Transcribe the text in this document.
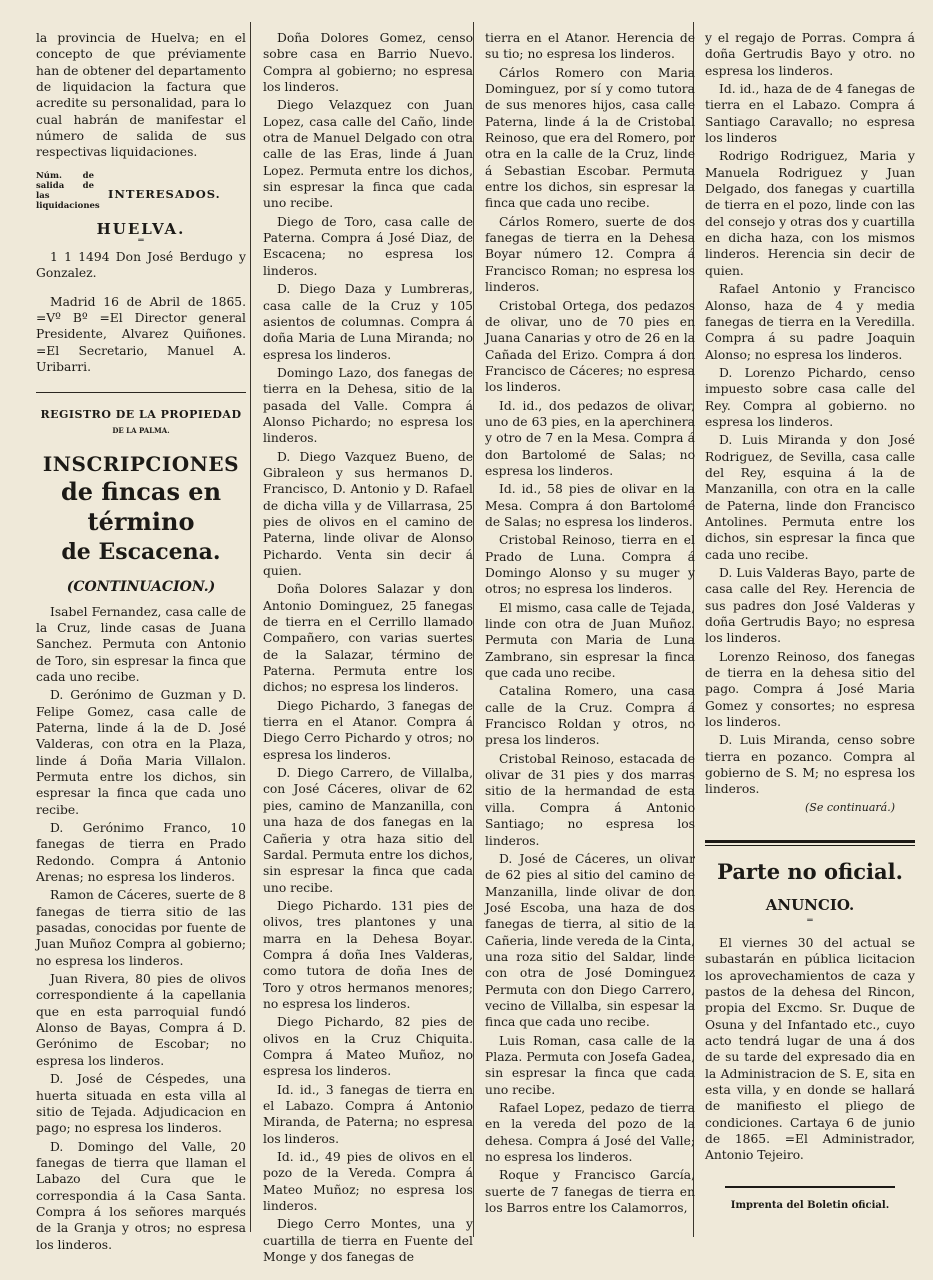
la provincia de Huelva; en el concepto de que préviamente han de obtener del departamento de liquidacion la factura que acredite su personalidad, para lo cual habrán de manifestar el número de salida de sus respectivas liquidaciones.

Núm. de salida de las liquidaciones
INTERESADOS.
HUELVA.
═

1 1 1494 Don José Berdugo y Gonzalez.

Madrid 16 de Abril de 1865. =Vº Bº =El Director general Presidente, Alvarez Quiñones. =El Secretario, Manuel A. Uribarri.

REGISTRO DE LA PROPIEDAD
DE LA PALMA.
INSCRIPCIONES
de fincas en término
de Escacena.
(CONTINUACION.)

Isabel Fernandez, casa calle de la Cruz, linde casas de Juana Sanchez. Permuta con Antonio de Toro, sin espresar la finca que cada uno recibe.

D. Gerónimo de Guzman y D. Felipe Gomez, casa calle de Paterna, linde á la de D. José Valderas, con otra en la Plaza, linde á Doña Maria Villalon. Permuta entre los dichos, sin espresar la finca que cada uno recibe.

D. Gerónimo Franco, 10 fanegas de tierra en Prado Redondo. Compra á Antonio Arenas; no espresa los linderos.

Ramon de Cáceres, suerte de 8 fanegas de tierra sitio de las pasadas, conocidas por fuente de Juan Muñoz Compra al gobierno; no espresa los linderos.

Juan Rivera, 80 pies de olivos correspondiente á la capellania que en esta parroquial fundó Alonso de Bayas, Compra á D. Gerónimo de Escobar; no espresa los linderos.

D. José de Céspedes, una huerta situada en esta villa al sitio de Tejada. Adjudicacion en pago; no espresa los linderos.

D. Domingo del Valle, 20 fanegas de tierra que llaman el Labazo del Cura que le correspondia á la Casa Santa. Compra á los señores marqués de la Granja y otros; no espresa los linderos.

Doña Dolores Gomez, censo sobre casa en Barrio Nuevo. Compra al gobierno; no espresa los linderos.

Diego Velazquez con Juan Lopez, casa calle del Caño, linde otra de Manuel Delgado con otra calle de las Eras, linde á Juan Lopez. Permuta entre los dichos, sin espresar la finca que cada uno recibe.

Diego de Toro, casa calle de Paterna. Compra á José Diaz, de Escacena; no espresa los linderos.

D. Diego Daza y Lumbreras, casa calle de la Cruz y 105 asientos de columnas. Compra á doña Maria de Luna Miranda; no espresa los linderos.

Domingo Lazo, dos fanegas de tierra en la Dehesa, sitio de la pasada del Valle. Compra á Alonso Pichardo; no espresa los linderos.

D. Diego Vazquez Bueno, de Gibraleon y sus hermanos D. Francisco, D. Antonio y D. Rafael de dicha villa y de Villarrasa, 25 pies de olivos en el camino de Paterna, linde olivar de Alonso Pichardo. Venta sin decir á quien.

Doña Dolores Salazar y don Antonio Dominguez, 25 fanegas de tierra en el Cerrillo llamado Compañero, con varias suertes de la Salazar, término de Paterna. Permuta entre los dichos; no espresa los linderos.

Diego Pichardo, 3 fanegas de tierra en el Atanor. Compra á Diego Cerro Pichardo y otros; no espresa los linderos.

D. Diego Carrero, de Villalba, con José Cáceres, olivar de 62 pies, camino de Manzanilla, con una haza de dos fanegas en la Cañeria y otra haza sitio del Sardal. Permuta entre los dichos, sin espresar la finca que cada uno recibe.

Diego Pichardo. 131 pies de olivos, tres plantones y una marra en la Dehesa Boyar. Compra á doña Ines Valderas, como tutora de doña Ines de Toro y otros hermanos menores; no espresa los linderos.

Diego Pichardo, 82 pies de olivos en la Cruz Chiquita. Compra á Mateo Muñoz, no espresa los linderos.

Id. id., 3 fanegas de tierra en el Labazo. Compra á Antonio Miranda, de Paterna; no espresa los linderos.

Id. id., 49 pies de olivos en el pozo de la Vereda. Compra á Mateo Muñoz; no espresa los linderos.

Diego Cerro Montes, una y cuartilla de tierra en Fuente del Monge y dos fanegas de

tierra en el Atanor. Herencia de su tio; no espresa los linderos.

Cárlos Romero con Maria Dominguez, por sí y como tutora de sus menores hijos, casa calle Paterna, linde á la de Cristobal Reinoso, que era del Romero, por otra en la calle de la Cruz, linde á Sebastian Escobar. Permuta entre los dichos, sin espresar la finca que cada uno recibe.

Cárlos Romero, suerte de dos fanegas de tierra en la Dehesa Boyar número 12. Compra á Francisco Roman; no espresa los linderos.

Cristobal Ortega, dos pedazos de olivar, uno de 70 pies en Juana Canarias y otro de 26 en la Cañada del Erizo. Compra á don Francisco de Cáceres; no espresa los linderos.

Id. id., dos pedazos de olivar, uno de 63 pies, en la aperchinera y otro de 7 en la Mesa. Compra á don Bartolomé de Salas; no espresa los linderos.

Id. id., 58 pies de olivar en la Mesa. Compra á don Bartolomé de Salas; no espresa los linderos.

Cristobal Reinoso, tierra en el Prado de Luna. Compra á Domingo Alonso y su muger y otros; no espresa los linderos.

El mismo, casa calle de Tejada, linde con otra de Juan Muñoz. Permuta con Maria de Luna Zambrano, sin espresar la finca que cada uno recibe.

Catalina Romero, una casa calle de la Cruz. Compra á Francisco Roldan y otros, no presa los linderos.

Cristobal Reinoso, estacada de olivar de 31 pies y dos marras sitio de la hermandad de esta villa. Compra á Antonio Santiago; no espresa los linderos.

D. José de Cáceres, un olivar de 62 pies al sitio del camino de Manzanilla, linde olivar de don José Escoba, una haza de dos fanegas de tierra, al sitio de la Cañeria, linde vereda de la Cinta, una roza sitio del Saldar, linde con otra de José Dominguez Permuta con don Diego Carrero, vecino de Villalba, sin espesar la finca que cada uno recibe.

Luis Roman, casa calle de la Plaza. Permuta con Josefa Gadea, sin espresar la finca que cada uno recibe.

Rafael Lopez, pedazo de tierra en la vereda del pozo de la dehesa. Compra á José del Valle; no espresa los linderos.

Roque y Francisco García, suerte de 7 fanegas de tierra en los Barros entre los Calamorros,

y el regajo de Porras. Compra á doña Gertrudis Bayo y otro. no espresa los linderos.

Id. id., haza de de 4 fanegas de tierra en el Labazo. Compra á Santiago Caravallo; no espresa los linderos

Rodrigo Rodriguez, Maria y Manuela Rodriguez y Juan Delgado, dos fanegas y cuartilla de tierra en el pozo, linde con las del consejo y otras dos y cuartilla en dicha haza, con los mismos linderos. Herencia sin decir de quien.

Rafael Antonio y Francisco Alonso, haza de 4 y media fanegas de tierra en la Veredilla. Compra á su padre Joaquin Alonso; no espresa los linderos.

D. Lorenzo Pichardo, censo impuesto sobre casa calle del Rey. Compra al gobierno. no espresa los linderos.

D. Luis Miranda y don José Rodriguez, de Sevilla, casa calle del Rey, esquina á la de Manzanilla, con otra en la calle de Paterna, linde don Francisco Antolines. Permuta entre los dichos, sin espresar la finca que cada uno recibe.

D. Luis Valderas Bayo, parte de casa calle del Rey. Herencia de sus padres don José Valderas y doña Gertrudis Bayo; no espresa los linderos.

Lorenzo Reinoso, dos fanegas de tierra en la dehesa sitio del pago. Compra á José Maria Gomez y consortes; no espresa los linderos.

D. Luis Miranda, censo sobre tierra en pozanco. Compra al gobierno de S. M; no espresa los linderos.

(Se continuará.)
Parte no oficial.
ANUNCIO.
═

El viernes 30 del actual se subastarán en pública licitacion los aprovechamientos de caza y pastos de la dehesa del Rincon, propia del Excmo. Sr. Duque de Osuna y del Infantado etc., cuyo acto tendrá lugar de una á dos de su tarde del expresado dia en la Administracion de S. E, sita en esta villa, y en donde se hallará de manifiesto el pliego de condiciones. Cartaya 6 de junio de 1865. =El Administrador, Antonio Tejeiro.

Imprenta del Boletin oficial.
